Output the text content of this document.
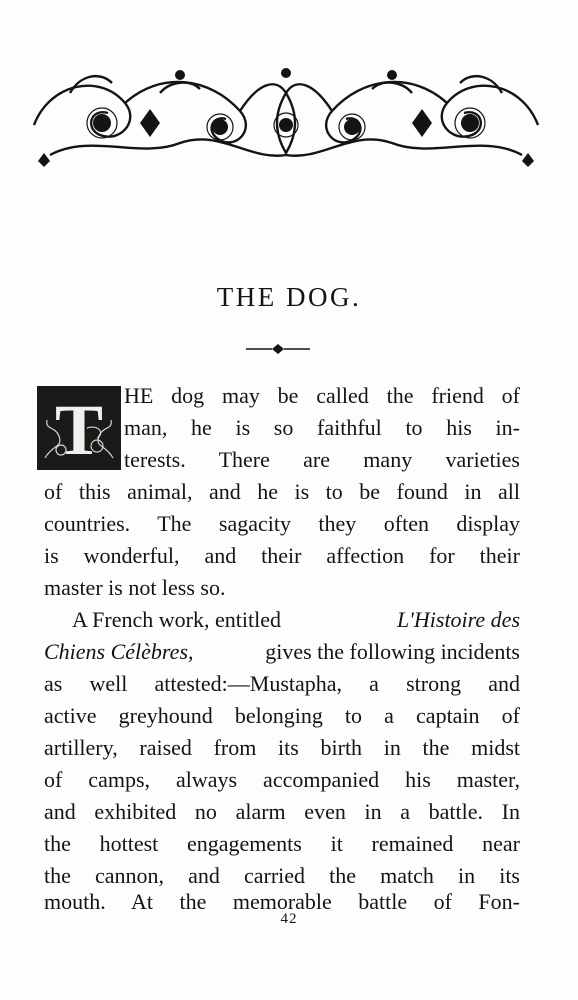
THE DOG.
T HE dog may be called the friend of
man, he is so faithful to his in-
terests. There are many varieties
of this animal, and he is to be found in all
countries. The sagacity they often display
is wonderful, and their affection for their
master is not less so.
A French work, entitled	L'Histoire des
Chiens Célèbres,	gives the following incidents
as well attested:—Mustapha, a strong and
active greyhound belonging to a captain of
artillery, raised from its birth in the midst
of camps, always accompanied his master,
and exhibited no alarm even in a battle. In
the hottest engagements it remained near
the cannon, and carried the match in its
mouth. At the memorable battle of Fon-
42
